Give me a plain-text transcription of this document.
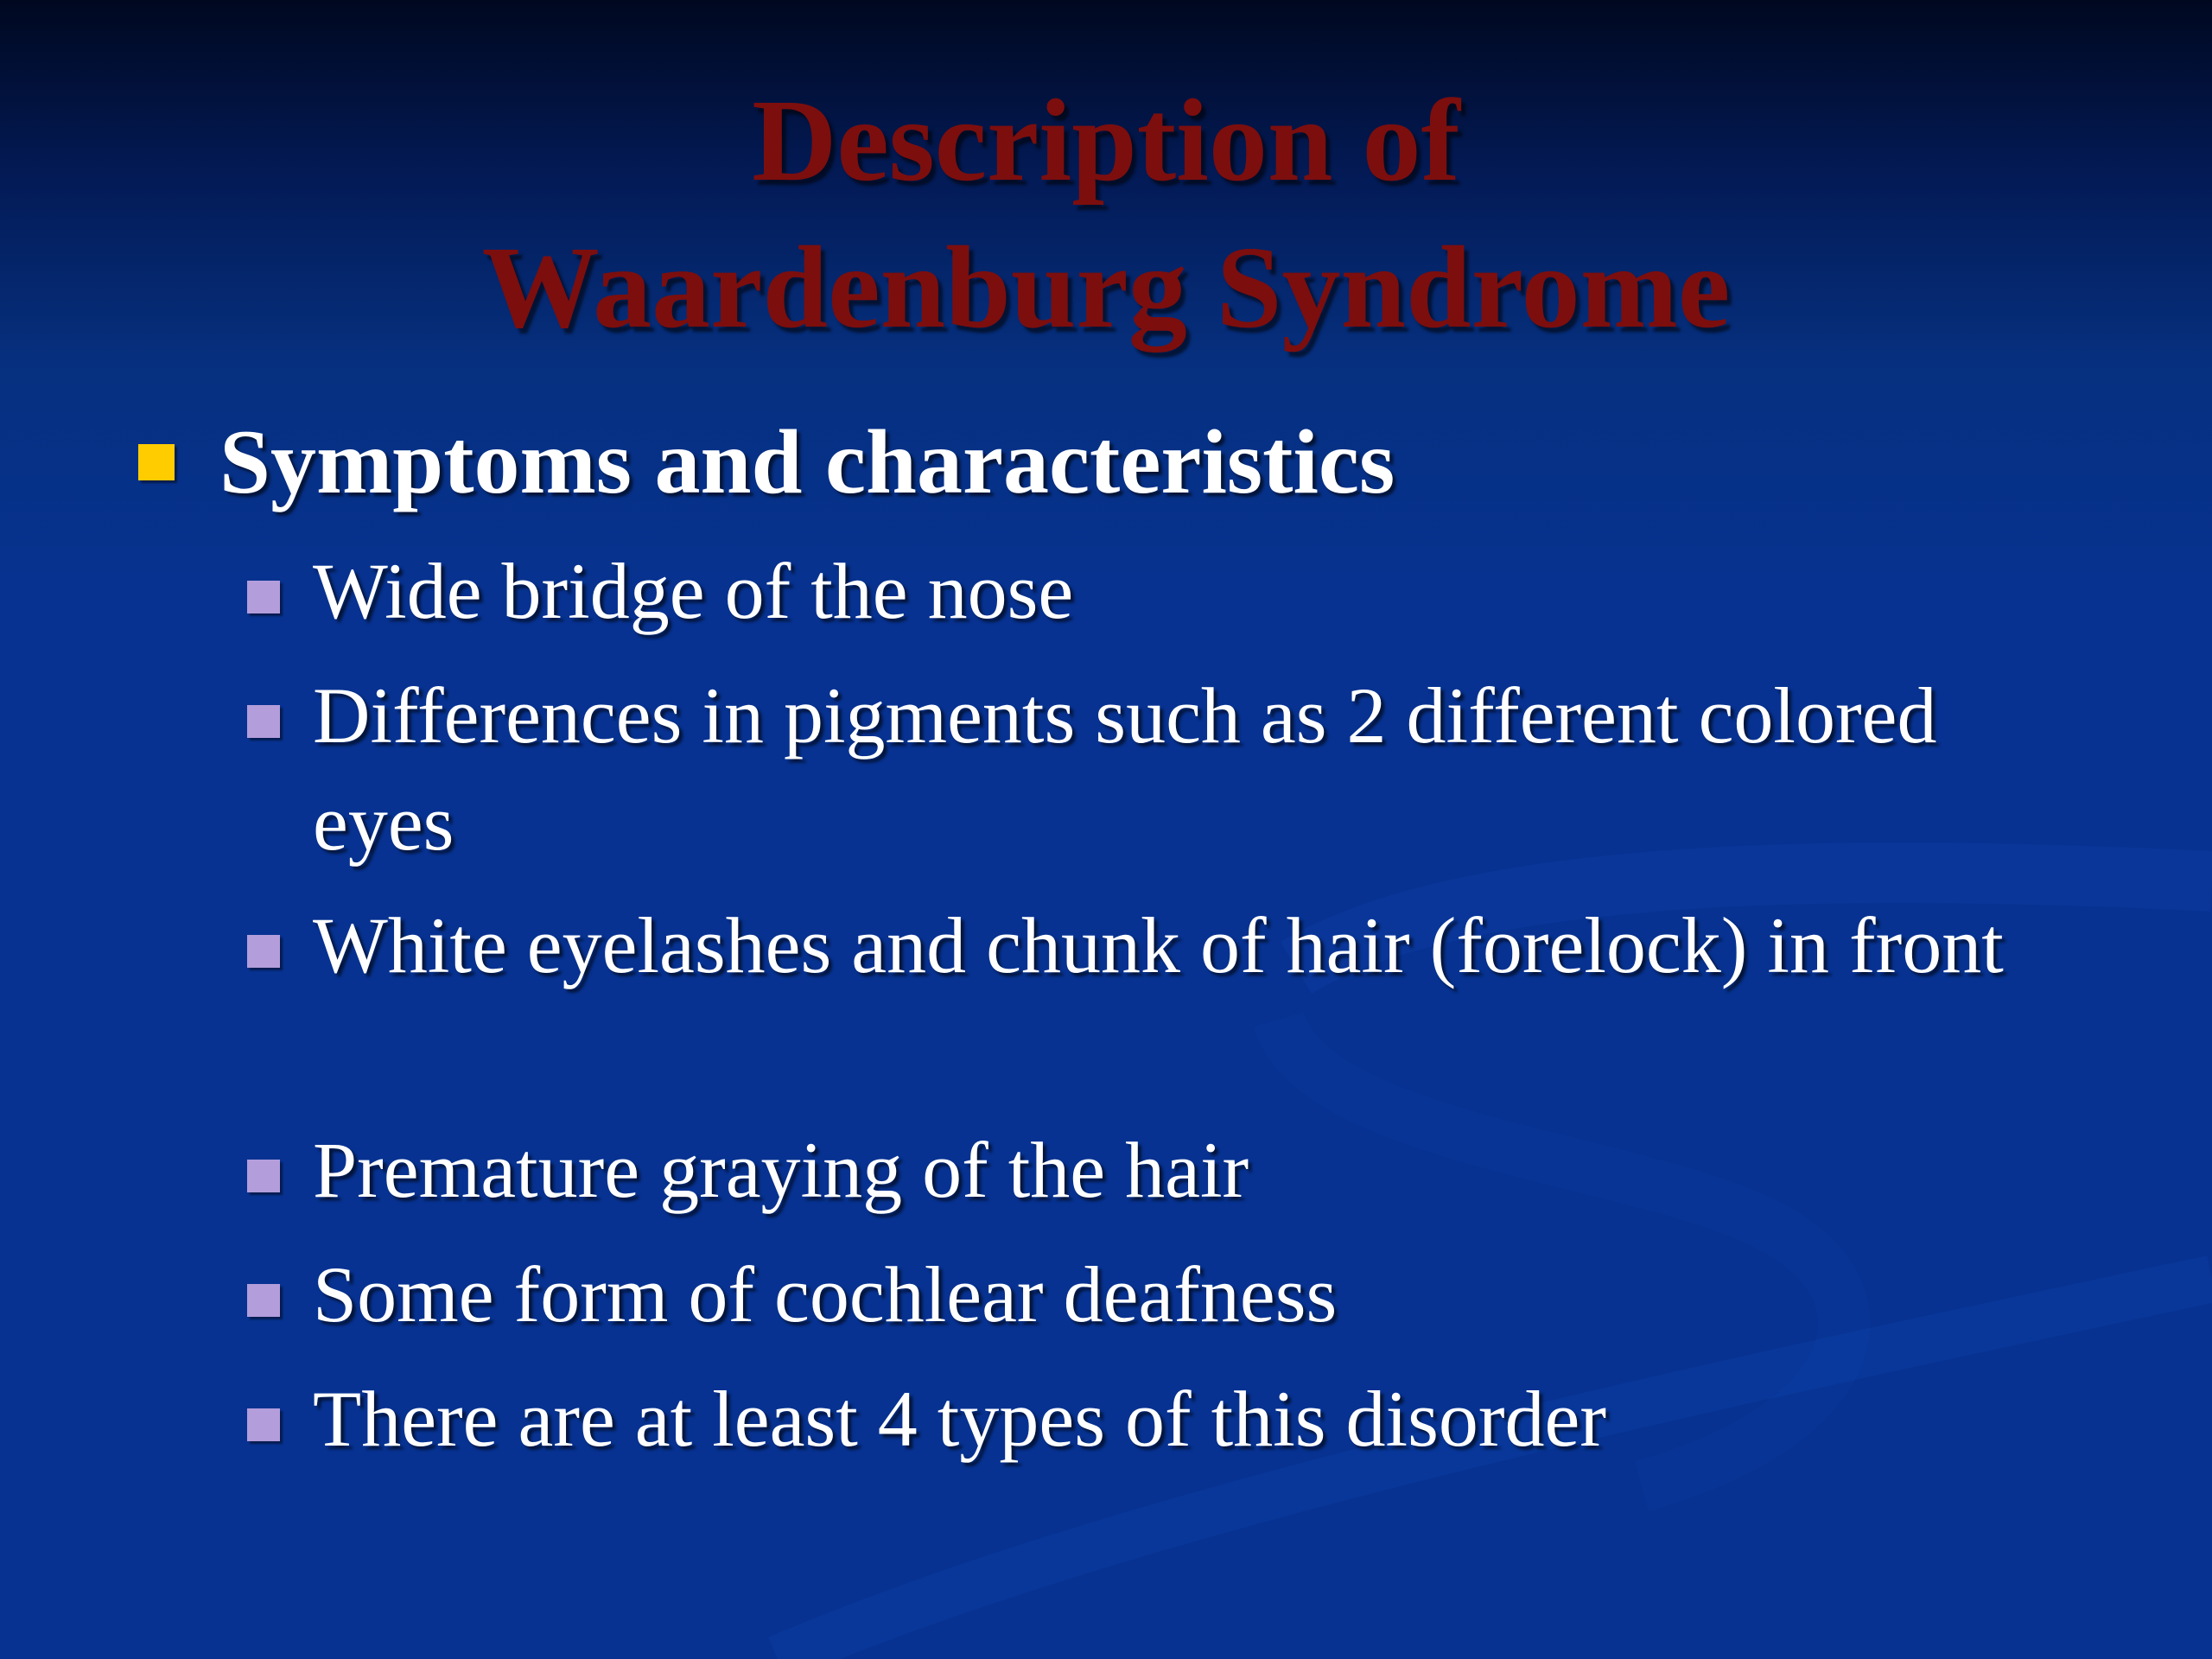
Description of
Waardenburg Syndrome
Symptoms and characteristics
Wide bridge of the nose
Differences in pigments such as 2 different colored eyes
White eyelashes and chunk of hair (forelock) in front
Premature graying of the hair
Some form of cochlear deafness
There are at least 4 types of this disorder
